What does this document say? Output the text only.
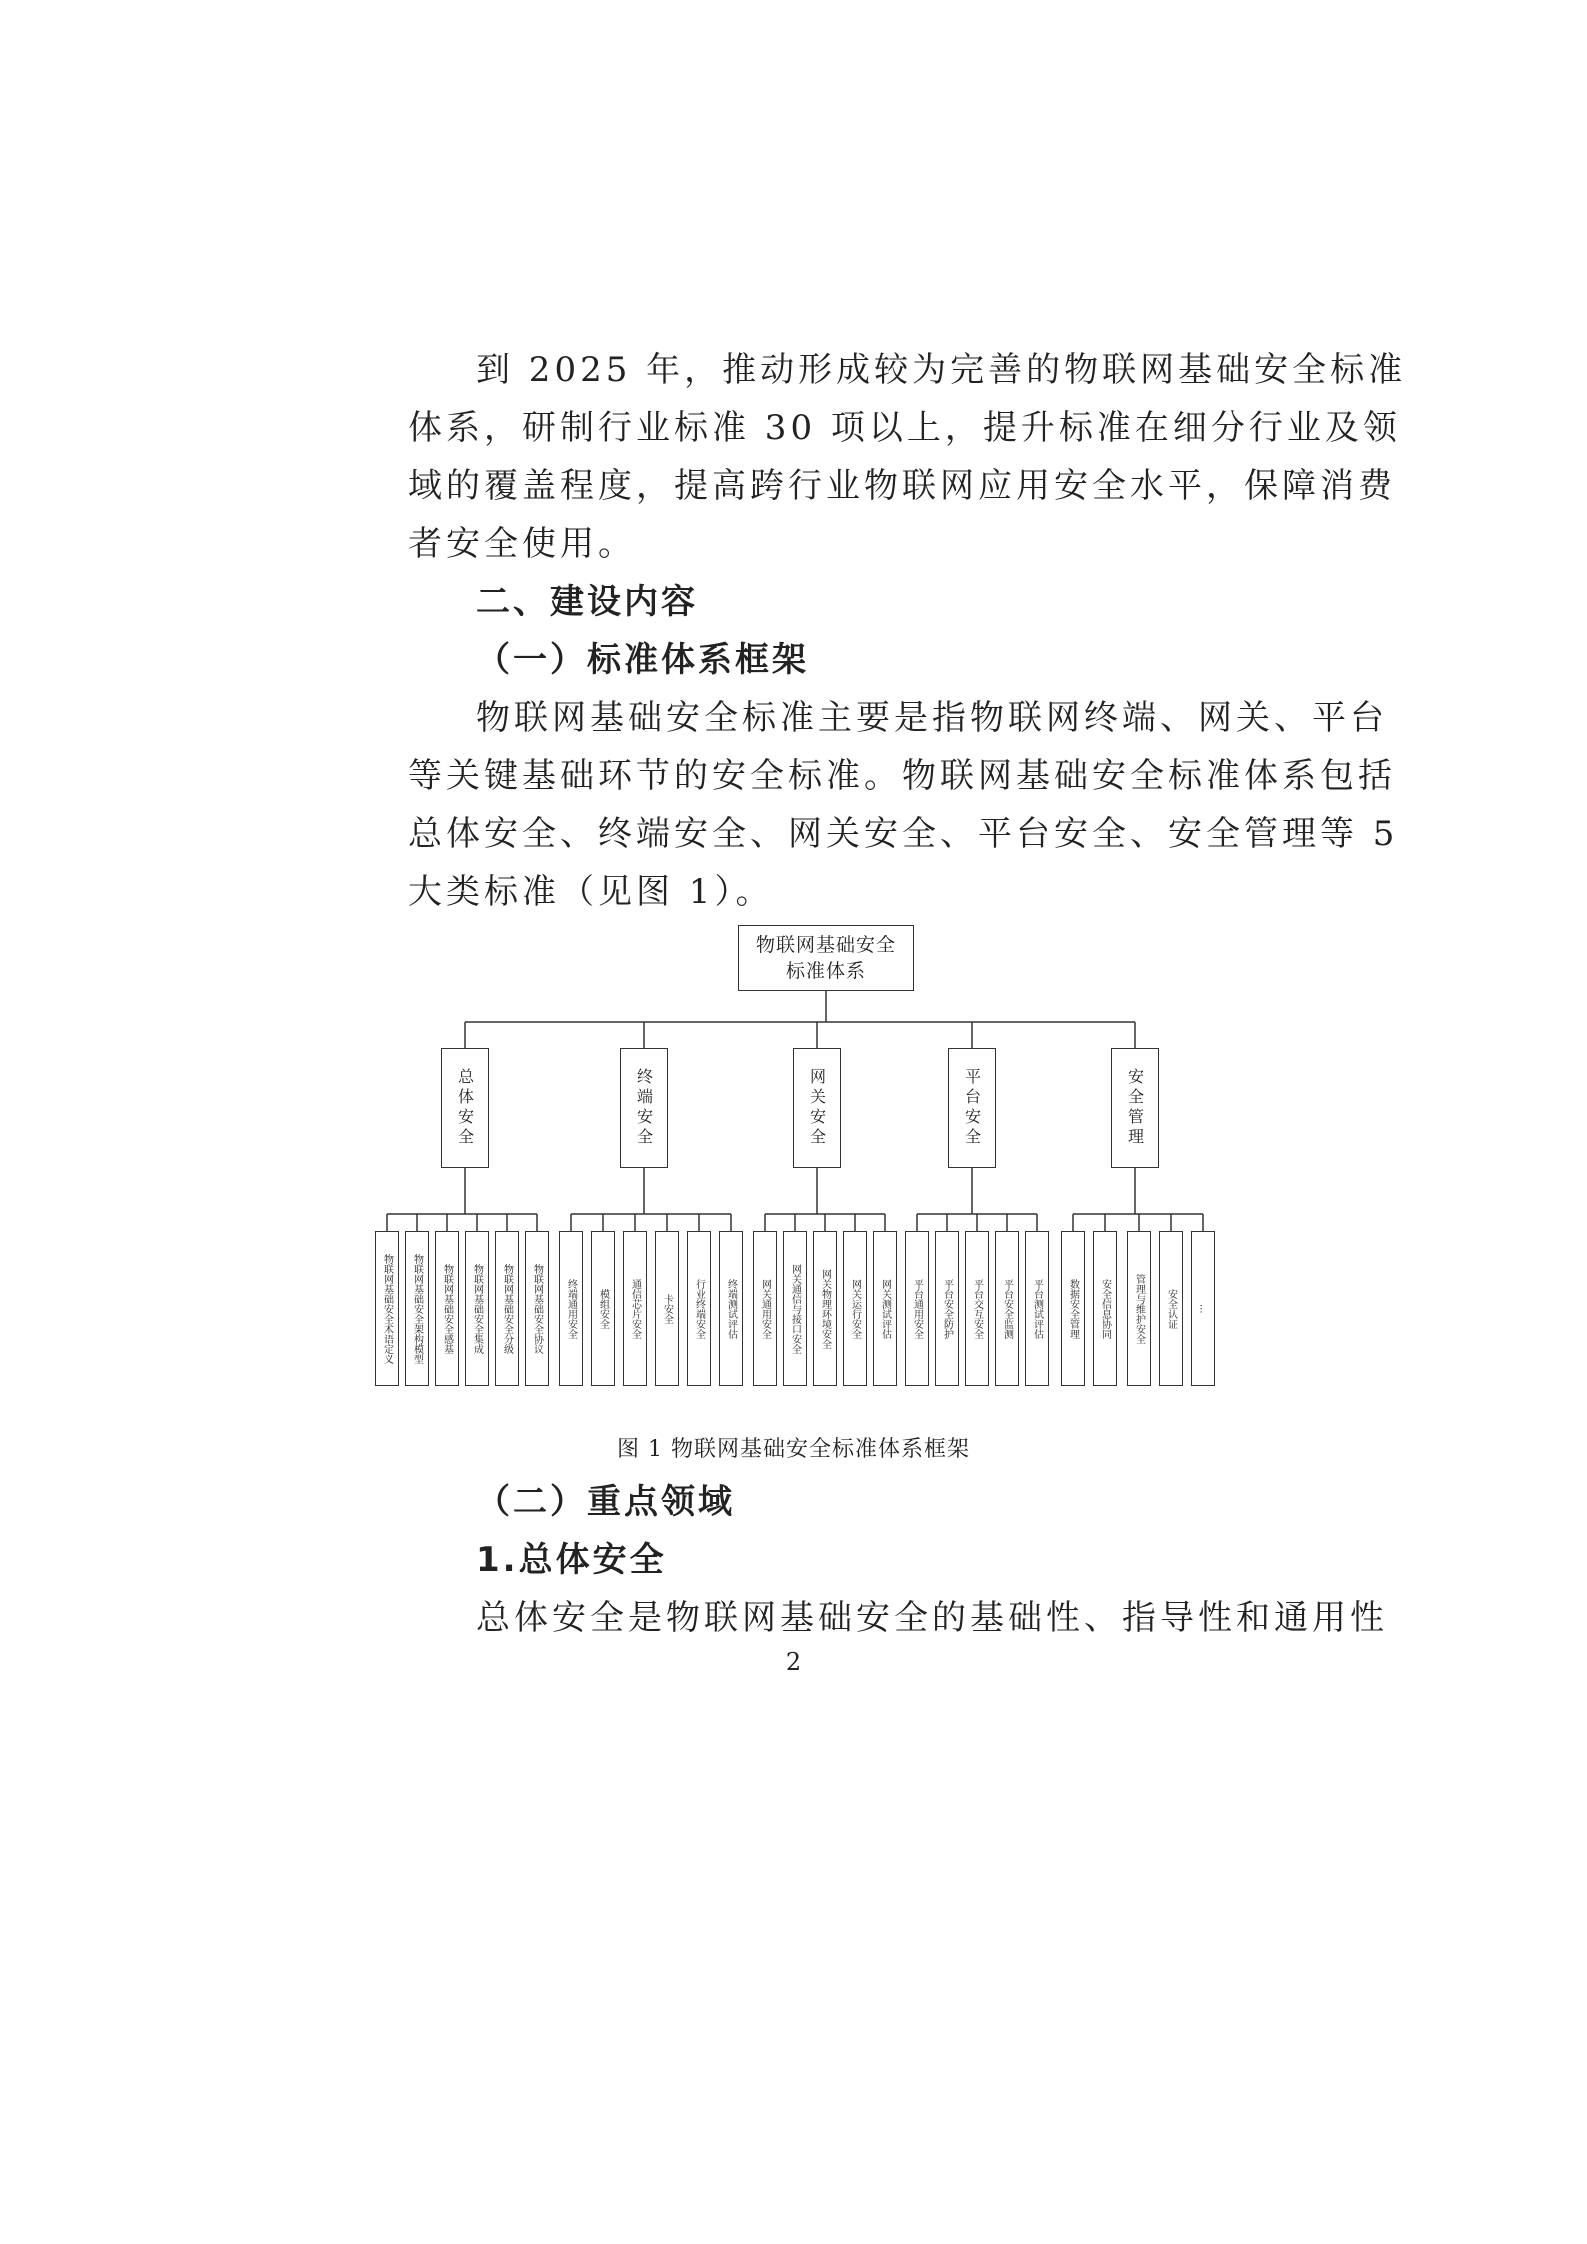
到 2025 年，推动形成较为完善的物联网基础安全标准
体系，研制行业标准 30 项以上，提升标准在细分行业及领
域的覆盖程度，提高跨行业物联网应用安全水平，保障消费
者安全使用。
二、建设内容
（一）标准体系框架
物联网基础安全标准主要是指物联网终端、网关、平台
等关键基础环节的安全标准。物联网基础安全标准体系包括
总体安全、终端安全、网关安全、平台安全、安全管理等 5
大类标准（见图 1）。
物联网基础安全
标准体系
总体安全	终端安全	网关安全	平台安全	安全管理
物联网基础安全术语定义 物联网基础安全架构模型 物联网基础安全感基 物联网基础安全集成 物联网基础安全分级 物联网基础安全协议 终端通用安全 模组安全 通信芯片安全 卡安全 行业终端安全 终端测试评估 网关通用安全 网关通信与接口安全 网关物理环境安全 网关运行安全 网关测试评估 平台通用安全 平台安全防护 平台交互安全 平台安全监测 平台测试评估	数据安全管理 安全信息协同 管理与维护安全 安全认证 ...
图 1 物联网基础安全标准体系框架
（二）重点领域
1.总体安全
总体安全是物联网基础安全的基础性、指导性和通用性
2
